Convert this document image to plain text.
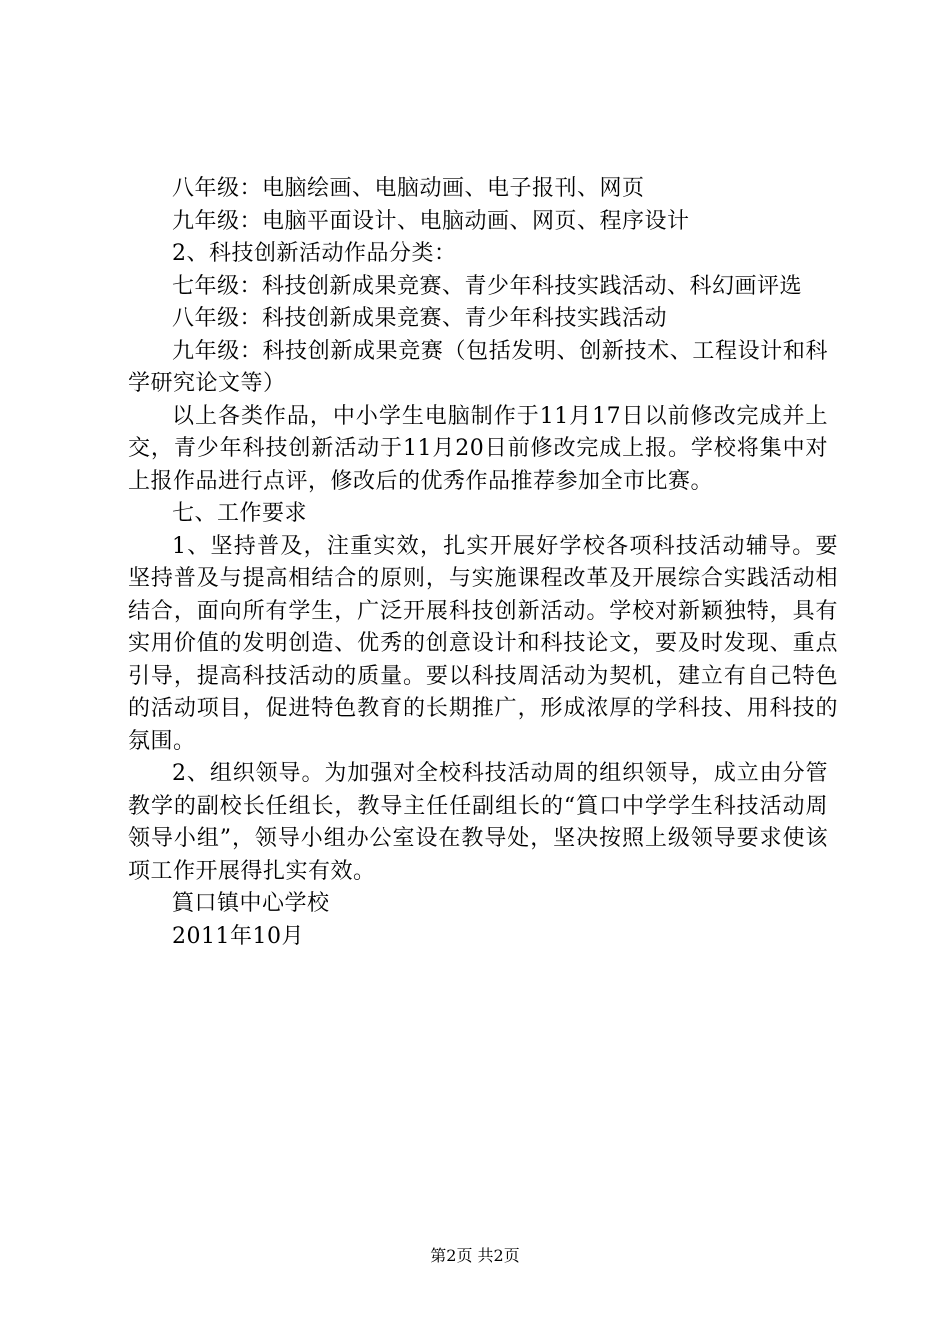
八年级：电脑绘画、电脑动画、电子报刊、网页

九年级：电脑平面设计、电脑动画、网页、程序设计

2、科技创新活动作品分类：

七年级：科技创新成果竞赛、青少年科技实践活动、科幻画评选

八年级：科技创新成果竞赛、青少年科技实践活动

九年级：科技创新成果竞赛（包括发明、创新技术、工程设计和科学研究论文等）

以上各类作品，中小学生电脑制作于11月17日以前修改完成并上交，青少年科技创新活动于11月20日前修改完成上报。学校将集中对上报作品进行点评，修改后的优秀作品推荐参加全市比赛。

七、工作要求

1、坚持普及，注重实效，扎实开展好学校各项科技活动辅导。要坚持普及与提高相结合的原则，与实施课程改革及开展综合实践活动相结合，面向所有学生，广泛开展科技创新活动。学校对新颖独特，具有实用价值的发明创造、优秀的创意设计和科技论文，要及时发现、重点引导，提高科技活动的质量。要以科技周活动为契机，建立有自己特色的活动项目，促进特色教育的长期推广，形成浓厚的学科技、用科技的氛围。

2、组织领导。为加强对全校科技活动周的组织领导，成立由分管教学的副校长任组长，教导主任任副组长的“篔口中学学生科技活动周领导小组”，领导小组办公室设在教导处，坚决按照上级领导要求使该项工作开展得扎实有效。

篔口镇中心学校

2011年10月

第2页 共2页
